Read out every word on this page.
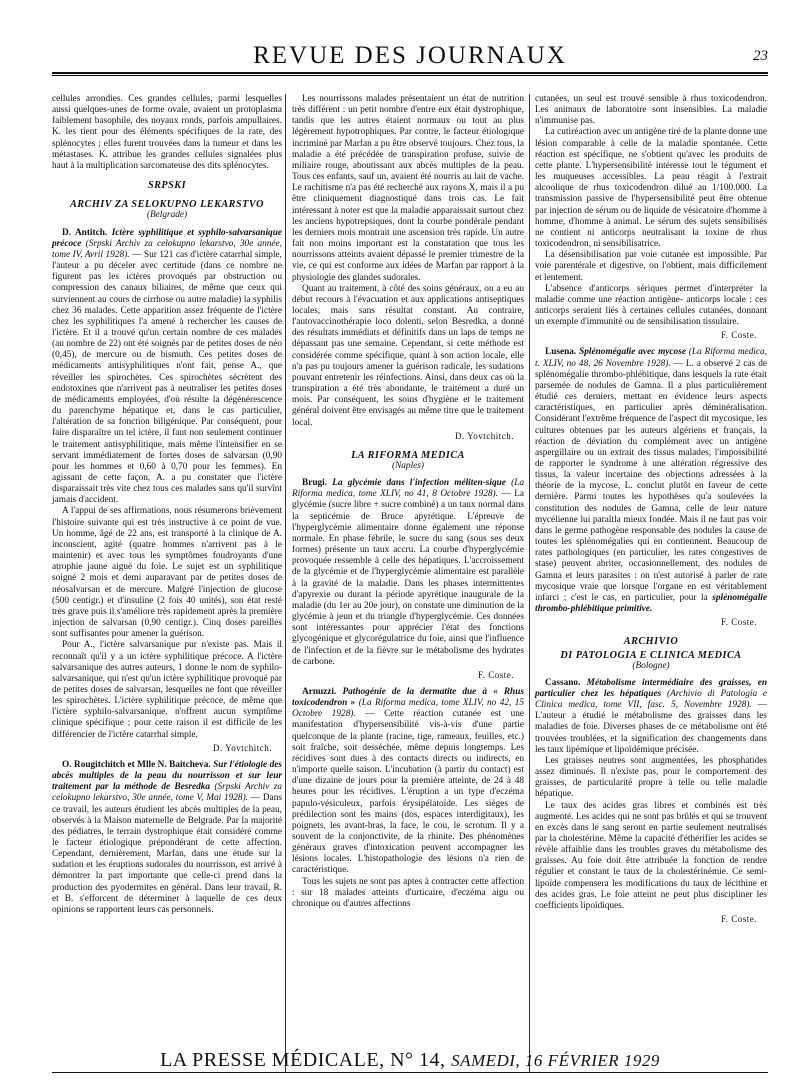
REVUE DES JOURNAUX	23

cellules arrondies. Ces grandes cellules, parmi lesquelles aussi quelques-unes de forme ovale, avaient un protoplasma faiblement basophile, des noyaux ronds, parfois ampullaires. K. les tient pour des éléments spécifiques de la rate, des splénocytes ; elles furent trouvées dans la tumeur et dans les métastases. K. attribue les grandes cellules signalées plus haut à la multiplication sarcomateuse des dits splénocytes.

SRPSKI
ARCHIV ZA SELOKUPNO LEKARSTVO
(Belgrade)

D. Antitch. Ictère syphilitique et syphilo-salvarsanique précoce (Srpski Archiv za celokupno lekarstvo, 30e année, tome IV, Avril 1928). — Sur 121 cas d'ictère catarrhal simple, l'auteur a pu déceler avec certitude (dans ce nombre ne figurent pas les ictères provoqués par obstruction ou compression des canaux biliaires, de même que ceux qui surviennent au cours de cirrhose ou autre maladie) la syphilis chez 36 malades. Cette apparition assez fréquente de l'ictère chez les syphilitiques l'a amené à rechercher les causes de l'ictère. Et il a trouvé qu'un certain nombre de ces malades (au nombre de 22) ont été soignés par de petites doses de néo (0,45), de mercure ou de bismuth. Ces petites doses de médicaments antisyphilitiques n'ont fait, pense A., que réveiller les spirochètes. Ces spirochètes sécrètent des endotoxines que n'arrivent pas à neutraliser les petites doses de médicaments employées, d'où résulte la dégénérescence du parenchyme hépatique et, dans le cas particulier, l'altération de sa fonction biligénique. Par conséquent, pour faire disparaître un tel ictère, il faut non seulement continuer le traitement antisyphilitique, mais même l'intensifier en se servant immédiatement de fortes doses de salvarsan (0,90 pour les hommes et 0,60 à 0,70 pour les femmes). En agissant de cette façon, A. a pu constater que l'ictère disparaissait très vite chez tous ces malades sans qu'il survînt jamais d'accident.

A l'appui de ses affirmations, nous résumerons brièvement l'histoire suivante qui est très instructive à ce point de vue. Un homme, âgé de 22 ans, est transporté à la clinique de A. inconscient, agité (quatre hommes n'arrivent pas à le maintenir) et avec tous les symptômes foudroyants d'une atrophie jaune aiguë du foie. Le sujet est un syphilitique soigné 2 mois et demi auparavant par de petites doses de néosalvarsan et de mercure. Malgré l'injection de glucose (500 centigr.) et d'insuline (2 fois 40 unités), son état resté très grave puis il s'améliore très rapidement après la première injection de salvarsan (0,90 centigr.). Cinq doses pareilles sont suffisantes pour amener la guérison.

Pour A., l'ictère salvarsanique pur n'existe pas. Mais il reconnaît qu'il y a un ictère syphilitique précoce. A l'ictère salvarsanique des autres auteurs, 1 donne le nom de syphilo-salvarsanique, qui n'est qu'un ictère syphilitique provoqué par de petites doses de salvarsan, lesquelles ne font que réveiller les spirochètes. L'ictère syphilitique précoce, de même que l'ictère syphilo-salvarsanique, n'offrent aucun symptôme clinique spécifique ; pour cette raison il est difficile de les différencier de l'ictère catarrhal simple.

D. Yovtchitch.

O. Rougitchitch et Mlle N. Baitcheva. Sur l'étiologie des abcès multiples de la peau du nourrisson et sur leur traitement par la méthode de Besredka (Srpski Archiv za celokupno lekarstvo, 30e année, tome V, Mai 1928). — Dans ce travail, les auteurs étudient les abcès multiples de la peau, observés à la Maison maternelle de Belgrade. Par la majorité des pédiatres, le terrain dystrophique était considéré comme le facteur étiologique prépondérant de cette affection. Cependant, dernièrement, Marfan, dans une étude sur la sudation et les éruptions sudorales du nourrisson, est arrivé à démontrer la part importante que celle-ci prend dans la production des pyodermites en général. Dans leur travail, R. et B. s'efforcent de déterminer à laquelle de ces deux opinions se rapportent leurs cas personnels.

Les nourrissons malades présentaient un état de nutrition très différent : un petit nombre d'entre eux était dystrophique, tandis que les autres étaient normaux ou tout au plus légèrement hypotrophiques. Par contre, le facteur étiologique incriminé par Marfan a pu être observé toujours. Chez tous, la maladie a été précédée de transpiration profuse, suivie de miliaire rouge, aboutissant aux abcès multiples de la peau. Tous ces enfants, sauf un, avaient été nourris au lait de vache. Le rachitisme n'a pas été recherché aux rayons X, mais il a pu être cliniquement diagnostiqué dans trois cas. Le fait intéressant à noter est que la maladie apparaissait surtout chez les anciens hypotrepsiques, dont la courbe pondérale pendant les derniers mois montrait une ascension très rapide. Un autre fait non moins important est la constatation que tous les nourrissons atteints avaient dépassé le premier trimestre de la vie, ce qui est conforme aux idées de Marfan par rapport à la physiologie des glandes sudorales.

Quant au traitement, à côté des soins généraux, on a eu au début recours à l'évacuation et aux applications antiseptiques locales, mais sans résultat constant. Au contraire, l'autovaccinothérapie loco dolenti, selon Besredka, a donné des résultats immédiats et définitifs dans un laps de temps ne dépassant pas une semaine. Cependant, si cette méthode est considérée comme spécifique, quant à son action locale, elle n'a pas pu toujours amener la guérison radicale, les sudations pouvant entretenir les réinfections. Ainsi, dans deux cas où la transpiration a été très abondante, le traitement a duré un mois. Par conséquent, les soins d'hygiène et le traitement général doivent être envisagés au même titre que le traitement local.

D. Yovtchitch.
LA RIFORMA MEDICA
(Naples)

Brugi. La glycémie dans l'infection méliten-sique (La Riforma medica, tome XLIV, no 41, 8 Octobre 1928). — La glycémie (sucre libre + sucre combiné) a un taux normal dans la septicémie de Bruce apyrétique. L'épreuve de l'hyperglycémie alimentaire donne également une réponse normale. En phase fébrile, le sucre du sang (sous ses deux formes) présente un taux accru. La courbe d'hyperglycémie provoquée ressemble à celle des hépatiques. L'accroissement de la glycémie et de l'hyperglycémie alimentaire est parallèle à la gravité de la maladie. Dans les phases intermittentes d'apyrexie ou durant la période apyrétique inaugurale de la maladie (du 1er au 20e jour), on constate une diminution de la glycémie à jeun et du triangle d'hyperglycémie. Ces données sont intéressantes pour apprécier l'état des fonctions glycogénique et glycorégulatrice du foie, ainsi que l'influence de l'infection et de la fièvre sur le métabolisme des hydrates de carbone.

F. Coste.

Arnuzzi. Pathogénie de la dermatite due à « Rhus toxicodendron » (La Riforma medica, tome XLIV, no 42, 15 Octobre 1928). — Cette réaction cutanée est une manifestation d'hypersensibilité vis-à-vis d'une partie quelconque de la plante (racine, tige, rameaux, feuilles, etc.) soit fraîche, soit desséchée, même depuis longtemps. Les récidives sont dues à des contacts directs ou indirects, en n'importe quelle saison. L'incubation (à partir du contact) est d'une dizaine de jours pour la première atteinte, de 24 à 48 heures pour les récidives. L'éruption a un type d'eczéma papulo-vésiculeux, parfois érysipélatoïde. Les sièges de prédilection sont les mains (dos, espaces interdigitaux), les poignets, les avant-bras, la face, le cou, le scrotum. Il y a souvent de la conjonctivite, de la rhinite. Des phénomènes généraux graves d'intoxication peuvent accompagner les lésions locales. L'histopathologie des lésions n'a rien de caractéristique.

Tous les sujets ne sont pas aptes à contracter cette affection : sur 18 malades atteints d'urticaire, d'eczéma aigu ou chronique ou d'autres affections

cutanées, un seul est trouvé sensible à rhus toxicodendron. Les animaux de laboratoire sont insensibles. La maladie n'immunise pas.

La cutiréaction avec un antigène tiré de la plante donne une lésion comparable à celle de la maladie spontanée. Cette réaction est spécifique, ne s'obtient qu'avec les produits de cette plante. L'hypersensibilité intéresse tout le tégument et les muqueuses accessibles. La peau réagit à l'extrait alcoolique de rhus toxicodendron dilué au 1/100.000. La transmission passive de l'hypersensibilité peut être obtenue par injection de sérum ou de liquide de vésicatoire d'homme à homme, d'homme à animal. Le sérum des sujets sensibilisés ne contient ni anticorps neutralisant la toxine de rhus toxicodendron, ni sensibilisatrice.

La désensibilisation par voie cutanée est impossible. Par voie parentérale et digestive, on l'obtient, mais difficilement et lentement.

L'absence d'anticorps sériques permet d'interpréter la maladie comme une réaction antigène- anticorps locale : ces anticorps seraient liés à certaines cellules cutanées, donnant un exemple d'immunité ou de sensibilisation tissulaire.

F. Coste.

Lusena. Splénomégalie avec mycose (La Riforma medica, t. XLIV, no 48, 26 Novembre 1928). — L. a observé 2 cas de splénomégalie thrombo-phlébitique, dans lesquels la rate était parsemée de nodules de Gamna. Il a plus particulièrement étudié ces derniers, mettant en évidence leurs aspects caractéristiques, en particulier après déminéralisation. Considérant l'extrême fréquence de l'aspect dit mycosique, les cultures obtenues par les auteurs algériens et français, la réaction de déviation du complément avec un antigène aspergillaire ou un extrait des tissus malades, l'impossibilité de rapporter le syndrome à une altération régressive des tissus, la valeur incertaine des objections adressées à la théorie de la mycose, L. conclut plutôt en faveur de cette dernière. Parmi toutes les hypothèses qu'a soulevées la constitution des nodules de Gamna, celle de leur nature mycélienne lui paraîtla mieux fondée. Mais il ne faut pas voir dans le germe pathogène responsable des nodules la cause de toutes les splénomégalies qui en contiennent. Beaucoup de rates pathologiques (en particulier, les rates congestives de stase) peuvent abriter, occasionnellement, des nodules de Gamna et leurs parasites : on n'est autorisé à parler de rate mycosique vraie que lorsque l'organe en est véritablement infarci ; c'est le cas, en particulier, pour la splénomégalie thrombo-phlébitique primitive.

F. Coste.
ARCHIVIO
DI PATOLOGIA E CLINICA MEDICA
(Bologne)

Cassano. Métabolisme intermédiaire des graisses, en particulier chez les hépatiques (Archivio di Patologia e Clinica medica, tome VII, fasc. 5, Novembre 1928). — L'auteur a étudié le métabolisme des graisses dans les maladies de foie. Diverses phases de ce métabolisme ont été trouvées troublées, et la signification des changements dans les taux lipémique et lipoïdémique précisée.

Les graisses neutres sont augmentées, les phosphatides assez diminués. Il n'existe pas, pour le comportement des graisses, de particularité propre à telle ou telle maladie hépatique.

Le taux des acides gras libres et combinés est très augmenté. Les acides qui ne sont pas brûlés et qui se trouvent en excès dans le sang seront en partie seulement neutralisés par la cholestérine. Même la capacité d'éthérifier les acides se révèle affaiblie dans les troubles graves du métabolisme des graisses. Au foie doit être attribuée la fonction de rendre régulier et constant le taux de la cholestérinémie. Ce semi-lipoïde compensera les modifications du taux de lécithine et des acides gras. Le foie atteint ne peut plus discipliner les coefficients lipoïdiques.

F. Coste.
LA PRESSE MÉDICALE, N° 14, SAMEDI, 16 FÉVRIER 1929
